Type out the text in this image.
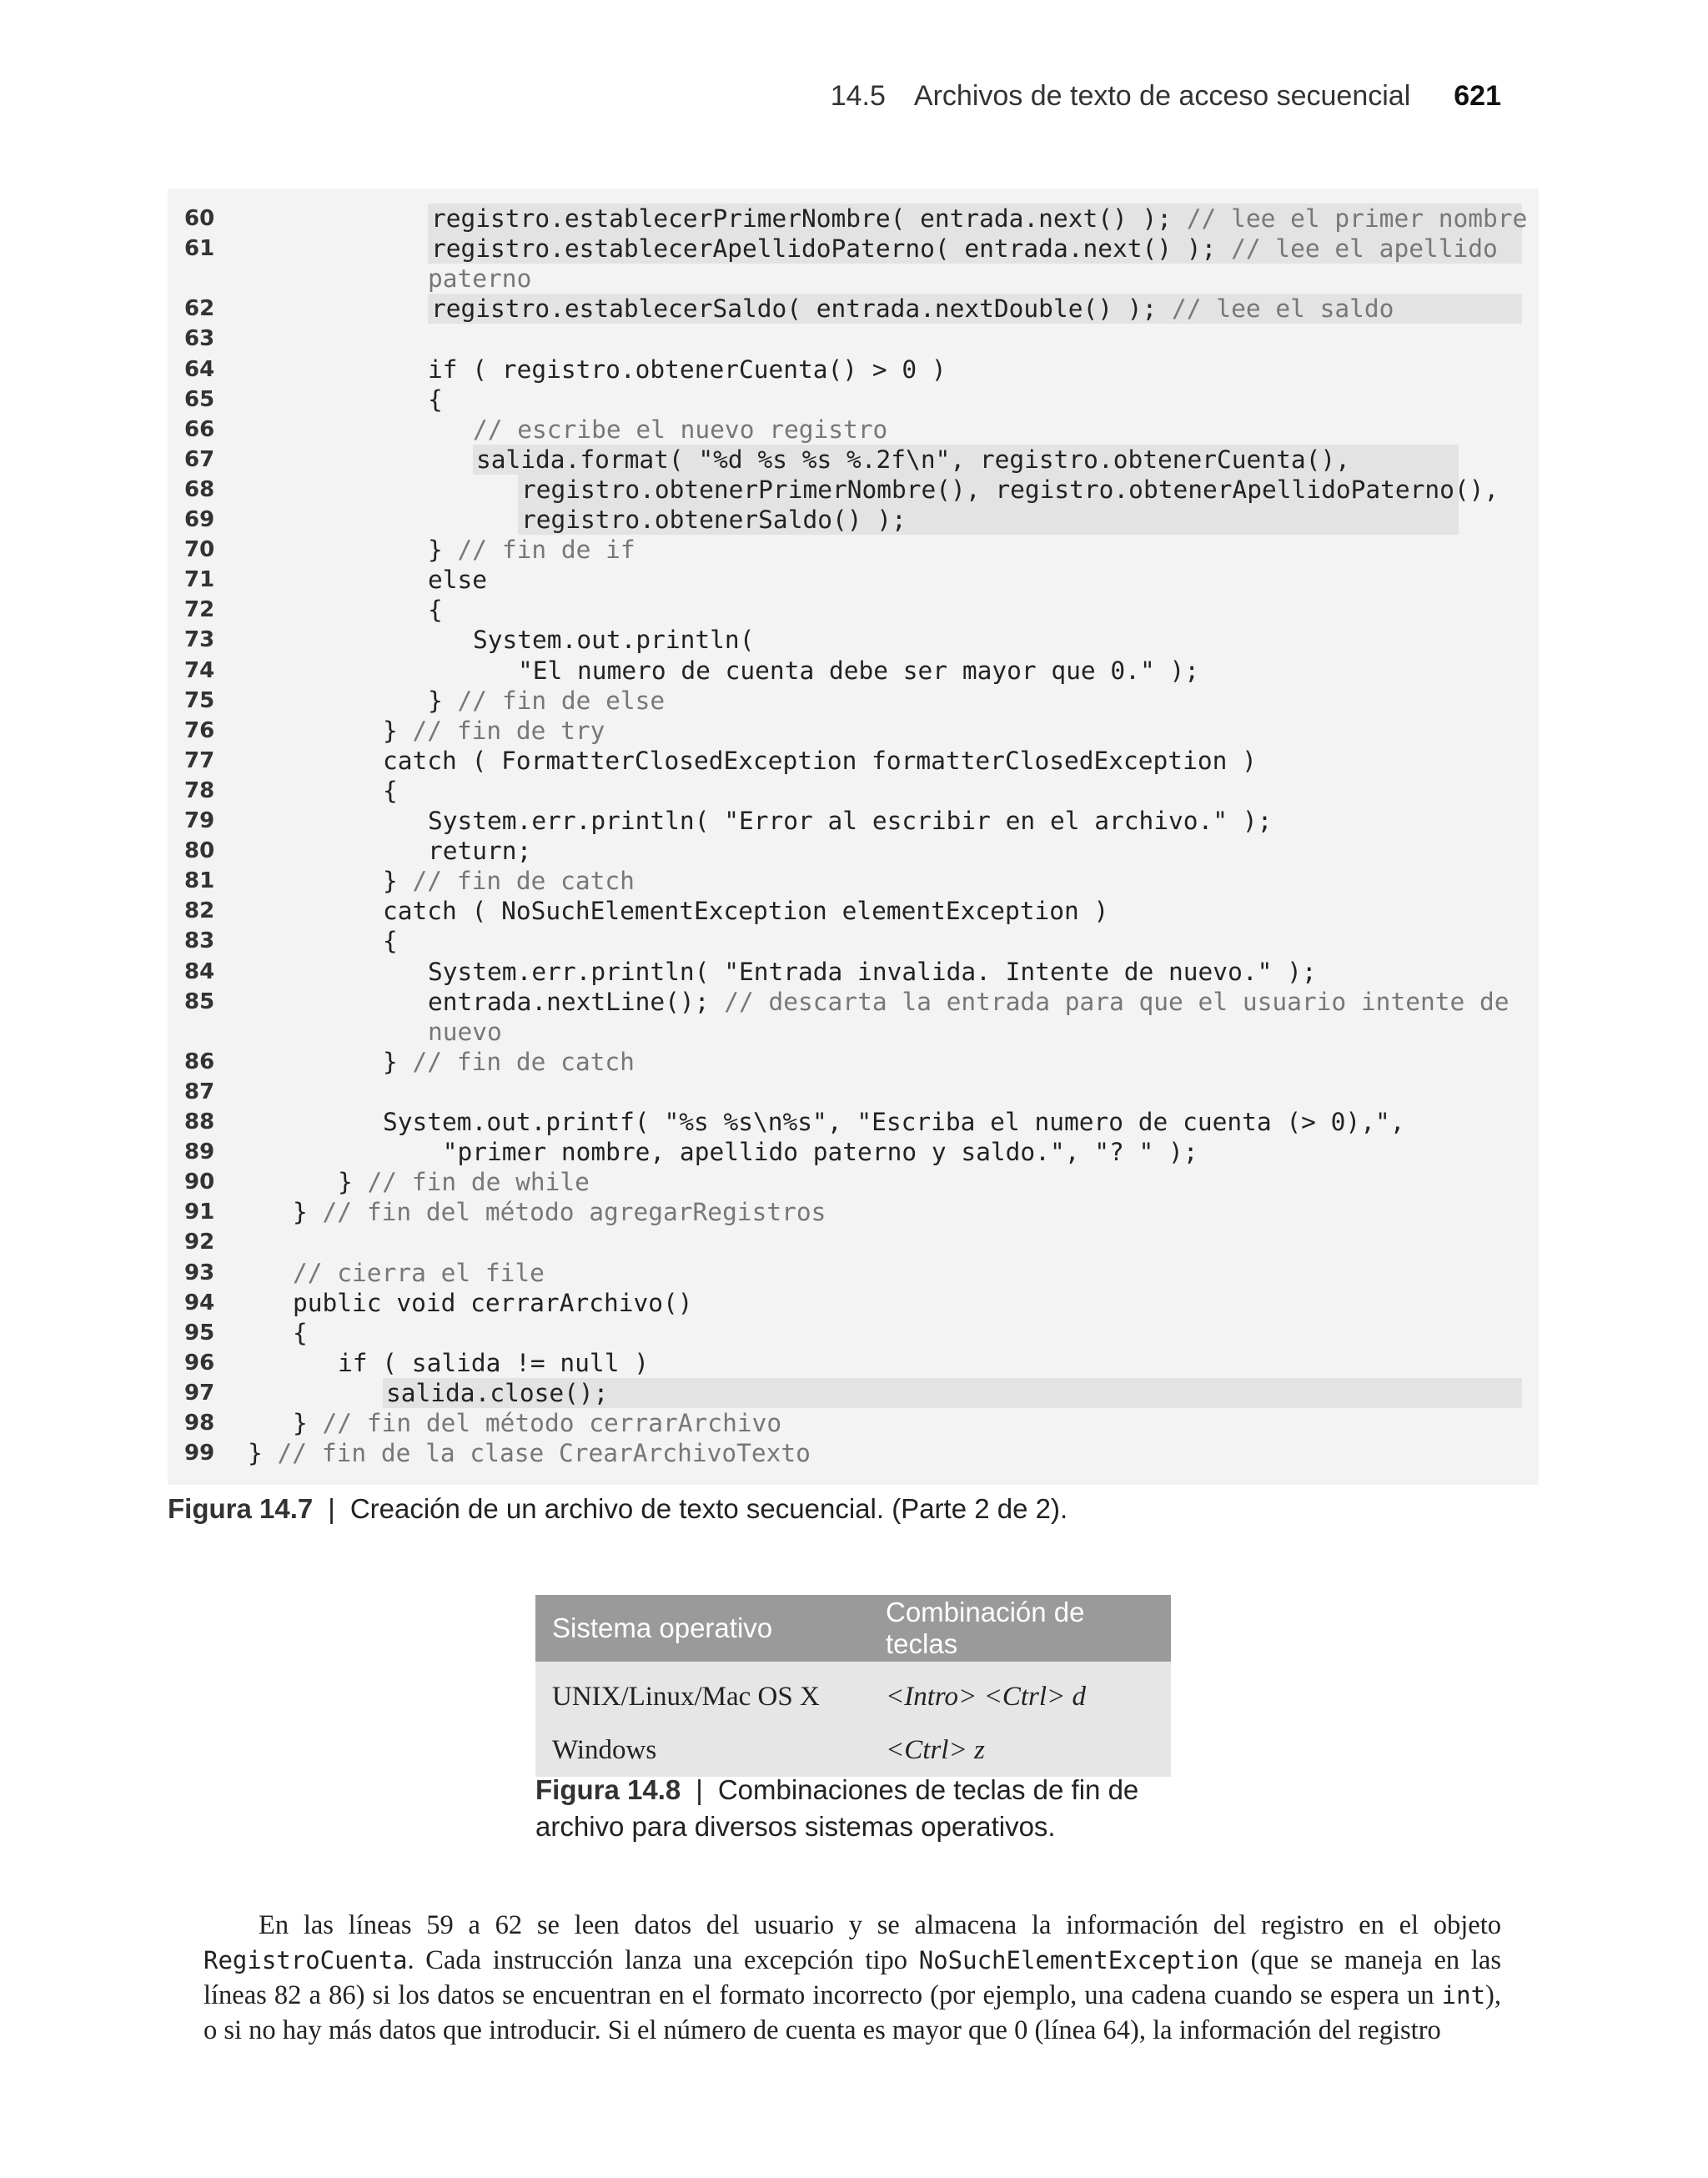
14.5 Archivos de texto de acceso secuencial 621
60	registro.establecerPrimerNombre( entrada.next() ); // lee el primer nombre
61	registro.establecerApellidoPaterno( entrada.next() ); // lee el apellido
paterno
62	registro.establecerSaldo( entrada.nextDouble() ); // lee el saldo
63
64	if ( registro.obtenerCuenta() > 0 )
65	{
66	// escribe el nuevo registro
67	salida.format( "%d %s %s %.2f\n", registro.obtenerCuenta(),
68	registro.obtenerPrimerNombre(), registro.obtenerApellidoPaterno(),
69	registro.obtenerSaldo() );
70	} // fin de if
71	else
72	{
73	System.out.println(
74	"El numero de cuenta debe ser mayor que 0." );
75	} // fin de else
76	} // fin de try
77	catch ( FormatterClosedException formatterClosedException )
78	{
79	System.err.println( "Error al escribir en el archivo." );
80	return;
81	} // fin de catch
82	catch ( NoSuchElementException elementException )
83	{
84	System.err.println( "Entrada invalida. Intente de nuevo." );
85	entrada.nextLine(); // descarta la entrada para que el usuario intente de
nuevo
86	} // fin de catch
87
88	System.out.printf( "%s %s\n%s", "Escriba el numero de cuenta (> 0),",
89	"primer nombre, apellido paterno y saldo.", "? " );
90	} // fin de while
91	} // fin del método agregarRegistros
92
93	// cierra el file
94	public void cerrarArchivo()
95	{
96	if ( salida != null )
97	salida.close();
98	} // fin del método cerrarArchivo
99	} // fin de la clase CrearArchivoTexto
Figura 14.7 | Creación de un archivo de texto secuencial. (Parte 2 de 2).
Sistema operativo	Combinación de teclas
UNIX/Linux/Mac OS X	<Intro> <Ctrl> d
Windows	<Ctrl> z
Figura 14.8 | Combinaciones de teclas de fin de archivo para diversos sistemas operativos.

En las líneas 59 a 62 se leen datos del usuario y se almacena la información del registro en el objeto RegistroCuenta. Cada instrucción lanza una excepción tipo NoSuchElementException (que se maneja en las líneas 82 a 86) si los datos se encuentran en el formato incorrecto (por ejemplo, una cadena cuando se espera un int), o si no hay más datos que introducir. Si el número de cuenta es mayor que 0 (línea 64), la información del registro
